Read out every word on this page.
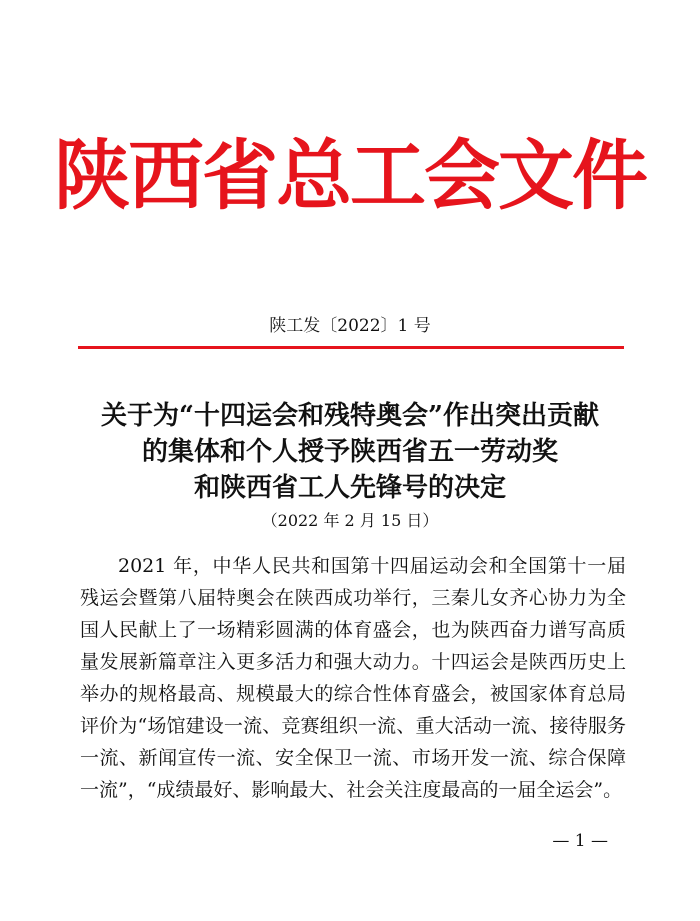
陕西省总工会文件
陕工发〔2022〕1 号
关于为“十四运会和残特奥会”作出突出贡献
的集体和个人授予陕西省五一劳动奖
和陕西省工人先锋号的决定
（2022 年 2 月 15 日）

2021 年，中华人民共和国第十四届运动会和全国第十一届残运会暨第八届特奥会在陕西成功举行，三秦儿女齐心协力为全国人民献上了一场精彩圆满的体育盛会，也为陕西奋力谱写高质量发展新篇章注入更多活力和强大动力。十四运会是陕西历史上举办的规格最高、规模最大的综合性体育盛会，被国家体育总局评价为“场馆建设一流、竞赛组织一流、重大活动一流、接待服务一流、新闻宣传一流、安全保卫一流、市场开发一流、综合保障一流”，“成绩最好、影响最大、社会关注度最高的一届全运会”。

— 1 —
